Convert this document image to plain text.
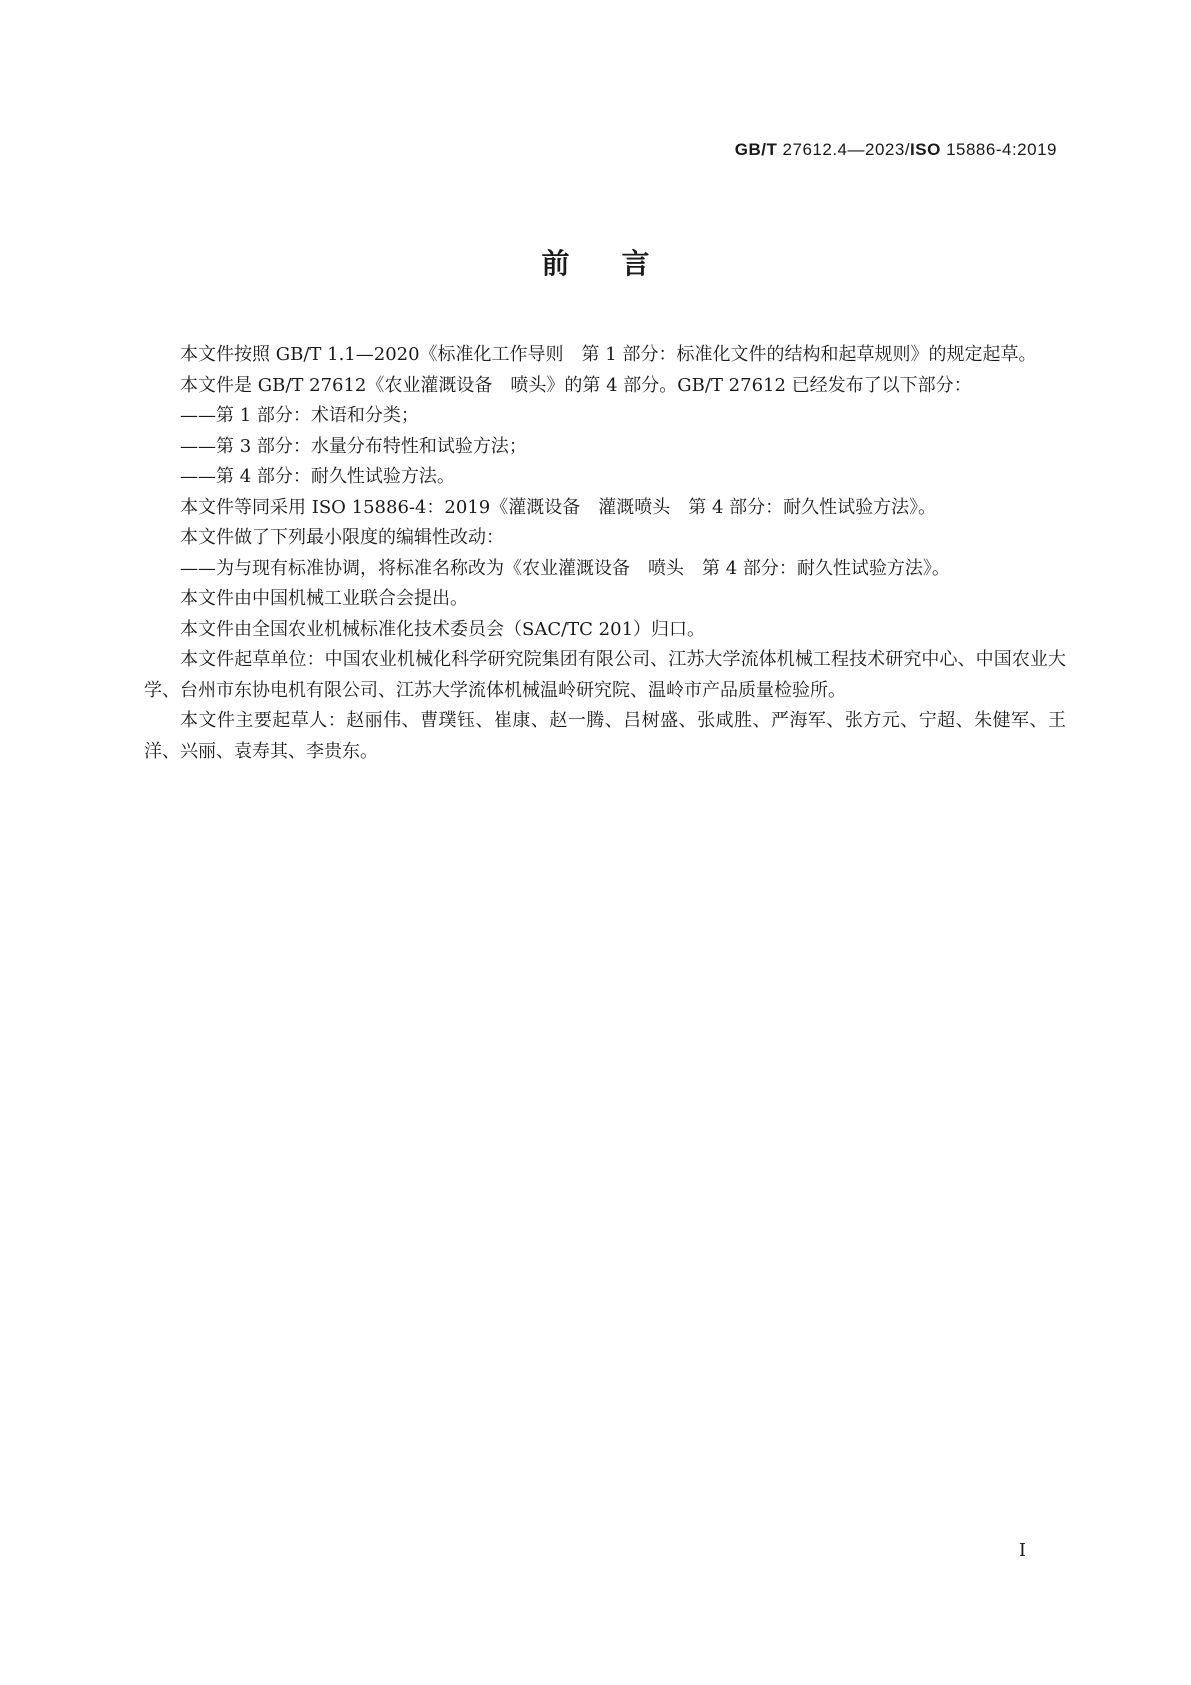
GB/T 27612.4—2023/ISO 15886-4:2019
前言

本文件按照 GB/T 1.1—2020《标准化工作导则　第 1 部分：标准化文件的结构和起草规则》的规定起草。

本文件是 GB/T 27612《农业灌溉设备　喷头》的第 4 部分。GB/T 27612 已经发布了以下部分：

——第 1 部分：术语和分类；

——第 3 部分：水量分布特性和试验方法；

——第 4 部分：耐久性试验方法。

本文件等同采用 ISO 15886-4：2019《灌溉设备　灌溉喷头　第 4 部分：耐久性试验方法》。

本文件做了下列最小限度的编辑性改动：

——为与现有标准协调，将标准名称改为《农业灌溉设备　喷头　第 4 部分：耐久性试验方法》。

本文件由中国机械工业联合会提出。

本文件由全国农业机械标准化技术委员会（SAC/TC 201）归口。

本文件起草单位：中国农业机械化科学研究院集团有限公司、江苏大学流体机械工程技术研究中心、中国农业大学、台州市东协电机有限公司、江苏大学流体机械温岭研究院、温岭市产品质量检验所。

本文件主要起草人：赵丽伟、曹璞钰、崔康、赵一腾、吕树盛、张咸胜、严海军、张方元、宁超、朱健军、王洋、兴丽、袁寿其、李贵东。

I
